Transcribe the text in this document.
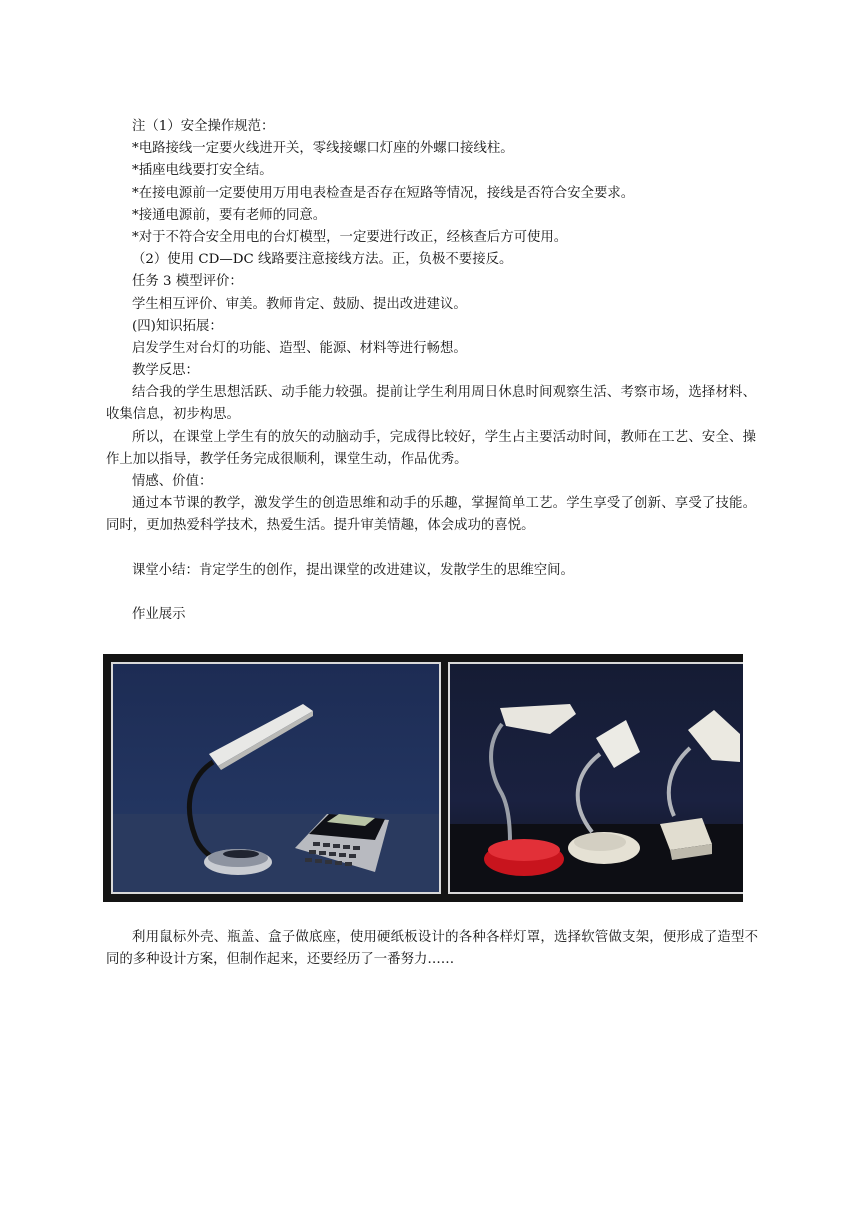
注（1）安全操作规范：
*电路接线一定要火线进开关，零线接螺口灯座的外螺口接线柱。
*插座电线要打安全结。
*在接电源前一定要使用万用电表检查是否存在短路等情况，接线是否符合安全要求。
*接通电源前，要有老师的同意。
*对于不符合安全用电的台灯模型，一定要进行改正，经核查后方可使用。
（2）使用 CD—DC 线路要注意接线方法。正，负极不要接反。
任务 3 模型评价：
学生相互评价、审美。教师肯定、鼓励、提出改进建议。
(四)知识拓展：
启发学生对台灯的功能、造型、能源、材料等进行畅想。
教学反思：
结合我的学生思想活跃、动手能力较强。提前让学生利用周日休息时间观察生活、考察市场，选择材料、收集信息，初步构思。
所以，在课堂上学生有的放矢的动脑动手，完成得比较好，学生占主要活动时间，教师在工艺、安全、操作上加以指导，教学任务完成很顺利，课堂生动，作品优秀。
情感、价值：
通过本节课的教学，激发学生的创造思维和动手的乐趣，掌握简单工艺。学生享受了创新、享受了技能。同时，更加热爱科学技术，热爱生活。提升审美情趣，体会成功的喜悦。
课堂小结：肯定学生的创作，提出课堂的改进建议，发散学生的思维空间。
作业展示
利用鼠标外壳、瓶盖、盒子做底座，使用硬纸板设计的各种各样灯罩，选择软管做支架，便形成了造型不同的多种设计方案，但制作起来，还要经历了一番努力……
